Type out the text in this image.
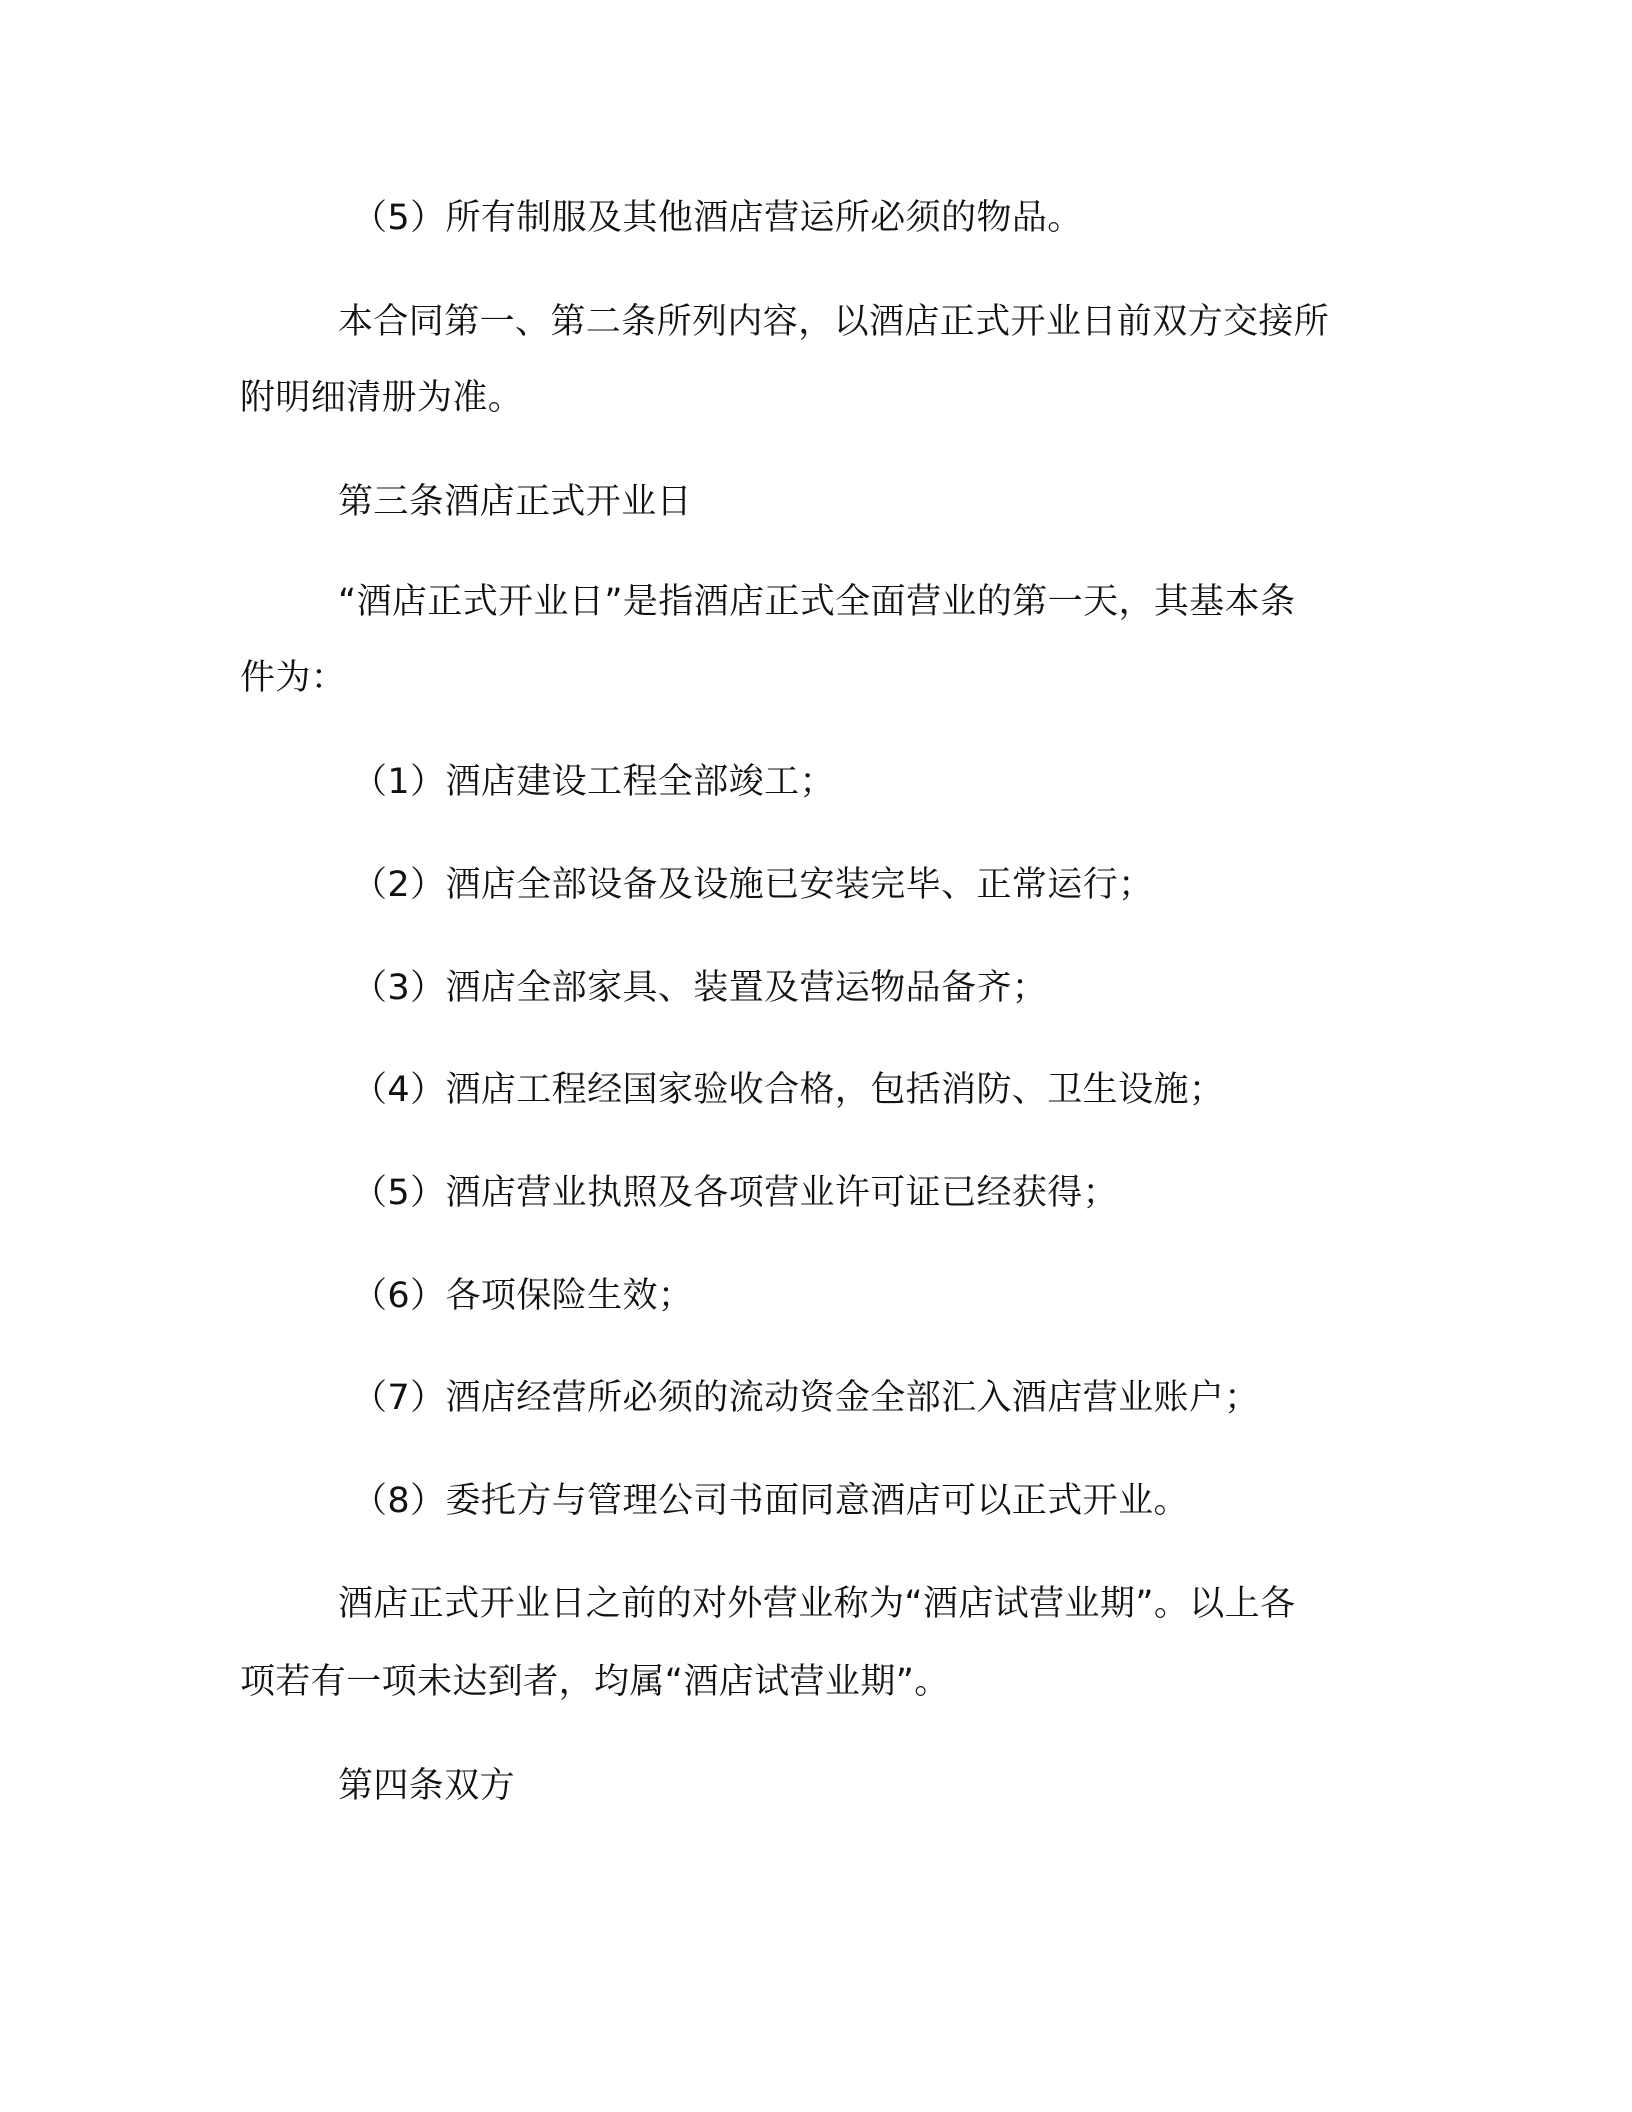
（5）所有制服及其他酒店营运所必须的物品。
本合同第一、第二条所列内容，以酒店正式开业日前双方交接所
附明细清册为准。
第三条酒店正式开业日
“酒店正式开业日”是指酒店正式全面营业的第一天，其基本条
件为：
（1）酒店建设工程全部竣工；
（2）酒店全部设备及设施已安装完毕、正常运行；
（3）酒店全部家具、装置及营运物品备齐；
（4）酒店工程经国家验收合格，包括消防、卫生设施；
（5）酒店营业执照及各项营业许可证已经获得；
（6）各项保险生效；
（7）酒店经营所必须的流动资金全部汇入酒店营业账户；
（8）委托方与管理公司书面同意酒店可以正式开业。
酒店正式开业日之前的对外营业称为“酒店试营业期”。以上各
项若有一项未达到者，均属“酒店试营业期”。
第四条双方
